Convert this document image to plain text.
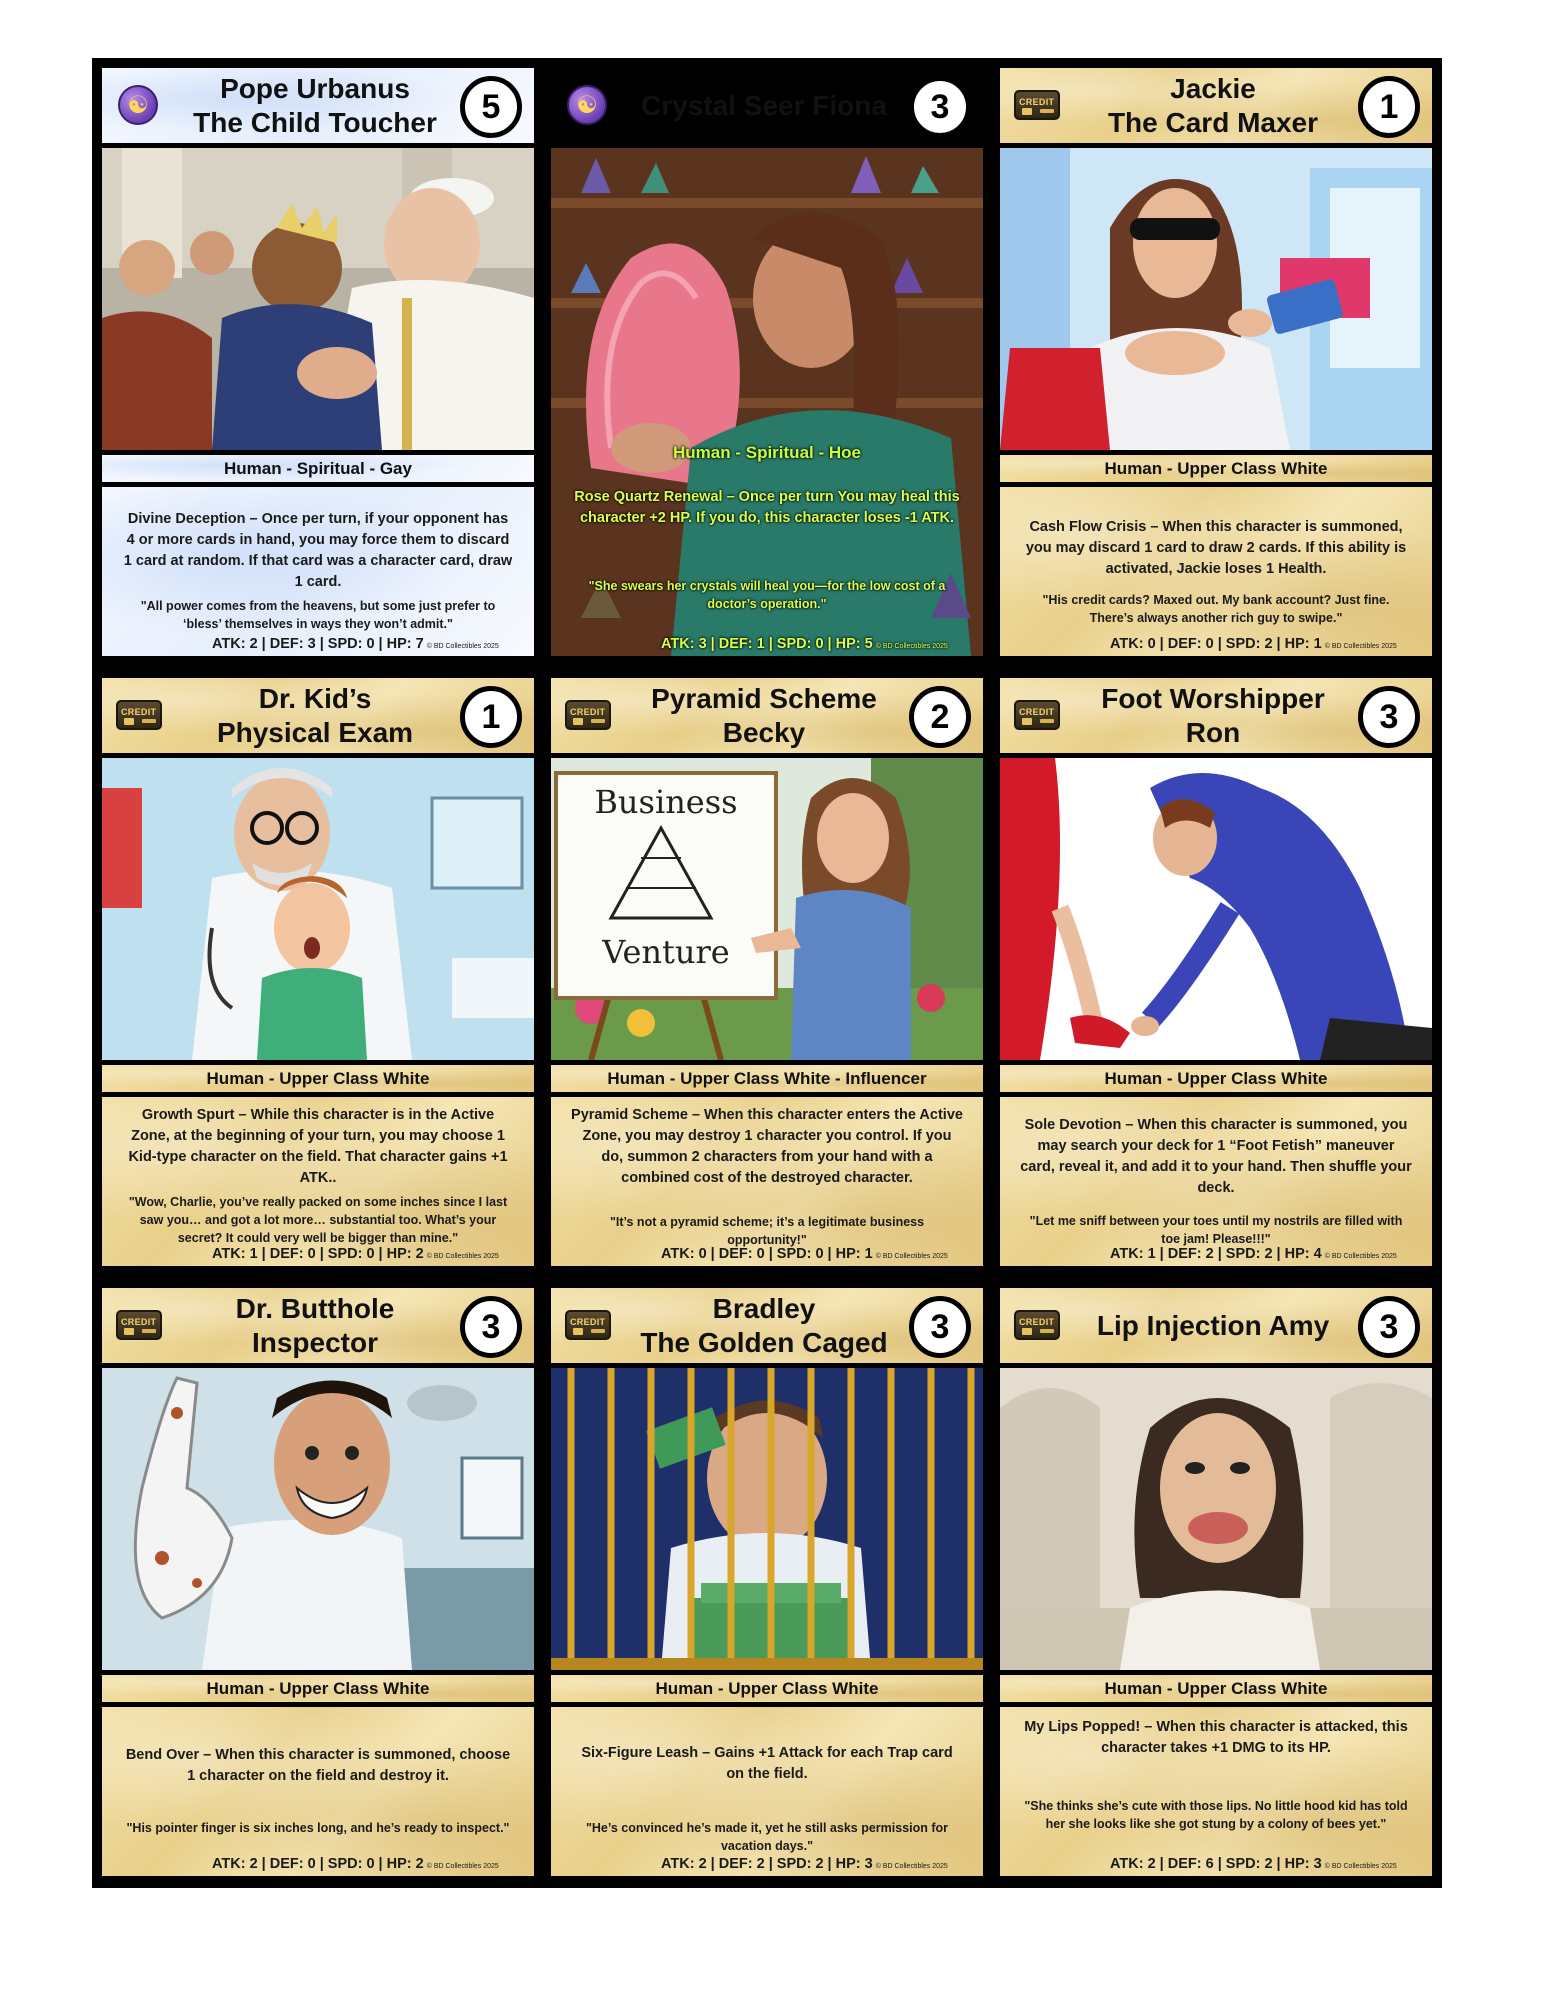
☯
Pope Urbanus
The Child Toucher	5
Human - Spiritual - Gay
Divine Deception – Once per turn, if your opponent has 4 or more cards in hand, you may force them to discard 1 card at random. If that card was a character card, draw 1 card.
"All power comes from the heavens, but some just prefer to ‘bless’ themselves in ways they won’t admit."
ATK: 2 | DEF: 3 | SPD: 0 | HP: 7 © BD Collectibles 2025
☯	Crystal Seer Fiona	3
Human - Spiritual - Hoe
Rose Quartz Renewal – Once per turn You may heal this character +2 HP. If you do, this character loses -1 ATK.
"She swears her crystals will heal you—for the low cost of a doctor’s operation."
ATK: 3 | DEF: 1 | SPD: 0 | HP: 5 © BD Collectibles 2025
CREDIT	Jackie
The Card Maxer	1
Human - Upper Class White
Cash Flow Crisis – When this character is summoned, you may discard 1 card to draw 2 cards. If this ability is activated, Jackie loses 1 Health.
"His credit cards? Maxed out. My bank account? Just fine. There’s always another rich guy to swipe."
ATK: 0 | DEF: 0 | SPD: 2 | HP: 1 © BD Collectibles 2025
CREDIT	Dr. Kid’s
Physical Exam	1
Human - Upper Class White
Growth Spurt – While this character is in the Active Zone, at the beginning of your turn, you may choose 1 Kid-type character on the field. That character gains +1 ATK..
"Wow, Charlie, you’ve really packed on some inches since I last saw you… and got a lot more… substantial too. What’s your secret? It could very well be bigger than mine."
ATK: 1 | DEF: 0 | SPD: 0 | HP: 2 © BD Collectibles 2025
CREDIT	Pyramid Scheme
Becky	2
Business
Venture
Human - Upper Class White - Influencer
Pyramid Scheme – When this character enters the Active Zone, you may destroy 1 character you control. If you do, summon 2 characters from your hand with a combined cost of the destroyed character.
"It’s not a pyramid scheme; it’s a legitimate business opportunity!"
ATK: 0 | DEF: 0 | SPD: 0 | HP: 1 © BD Collectibles 2025
CREDIT	Foot Worshipper
Ron	3
Human - Upper Class White
Sole Devotion – When this character is summoned, you may search your deck for 1 “Foot Fetish” maneuver card, reveal it, and add it to your hand. Then shuffle your deck.
"Let me sniff between your toes until my nostrils are filled with toe jam! Please!!!"
ATK: 1 | DEF: 2 | SPD: 2 | HP: 4 © BD Collectibles 2025
CREDIT	Dr. Butthole
Inspector	3
Human - Upper Class White
Bend Over – When this character is summoned, choose 1 character on the field and destroy it.
"His pointer finger is six inches long, and he’s ready to inspect."
ATK: 2 | DEF: 0 | SPD: 0 | HP: 2 © BD Collectibles 2025
CREDIT	Bradley
The Golden Caged	3
Human - Upper Class White
Six-Figure Leash – Gains +1 Attack for each Trap card on the field.
"He’s convinced he’s made it, yet he still asks permission for vacation days."
ATK: 2 | DEF: 2 | SPD: 2 | HP: 3 © BD Collectibles 2025
CREDIT	Lip Injection Amy	3
Human - Upper Class White
My Lips Popped! – When this character is attacked, this character takes +1 DMG to its HP.
"She thinks she’s cute with those lips. No little hood kid has told her she looks like she got stung by a colony of bees yet."
ATK: 2 | DEF: 6 | SPD: 2 | HP: 3 © BD Collectibles 2025
